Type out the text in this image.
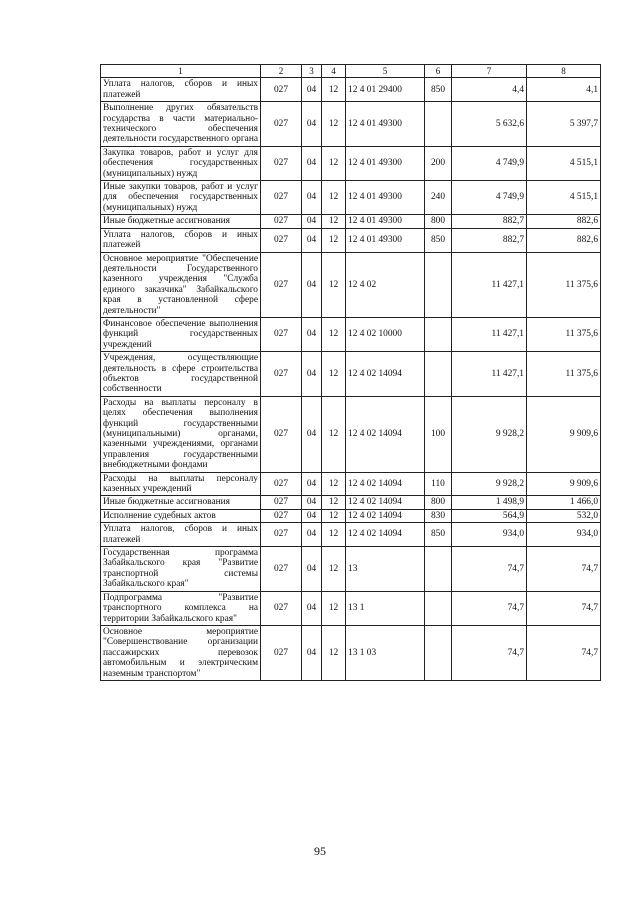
1	2	3	4	5	6	7	8
Уплата налогов, сборов и иных платежей	027	04	12	12 4 01 29400	850	4,4	4,1
Выполнение других обязательств государства в части материально-технического обеспечения деятельности государственного органа	027	04	12	12 4 01 49300		5 632,6	5 397,7
Закупка товаров, работ и услуг для обеспечения государственных (муниципальных) нужд	027	04	12	12 4 01 49300	200	4 749,9	4 515,1
Иные закупки товаров, работ и услуг для обеспечения государственных (муниципальных) нужд	027	04	12	12 4 01 49300	240	4 749,9	4 515,1
Иные бюджетные ассигнования	027	04	12	12 4 01 49300	800	882,7	882,6
Уплата налогов, сборов и иных платежей	027	04	12	12 4 01 49300	850	882,7	882,6
Основное мероприятие "Обеспечение деятельности Государственного казенного учреждения "Служба единого заказчика" Забайкальского края в установленной сфере деятельности"	027	04	12	12 4 02		11 427,1	11 375,6
Финансовое обеспечение выполнения функций государственных учреждений	027	04	12	12 4 02 10000		11 427,1	11 375,6
Учреждения, осуществляющие деятельность в сфере строительства объектов государственной собственности	027	04	12	12 4 02 14094		11 427,1	11 375,6
Расходы на выплаты персоналу в целях обеспечения выполнения функций государственными (муниципальными) органами, казенными учреждениями, органами управления государственными внебюджетными фондами	027	04	12	12 4 02 14094	100	9 928,2	9 909,6
Расходы на выплаты персоналу казенных учреждений	027	04	12	12 4 02 14094	110	9 928,2	9 909,6
Иные бюджетные ассигнования	027	04	12	12 4 02 14094	800	1 498,9	1 466,0
Исполнение судебных актов	027	04	12	12 4 02 14094	830	564,9	532,0
Уплата налогов, сборов и иных платежей	027	04	12	12 4 02 14094	850	934,0	934,0
Государственная программа Забайкальского края "Развитие транспортной системы Забайкальского края"	027	04	12	13		74,7	74,7
Подпрограмма "Развитие транспортного комплекса на территории Забайкальского края"	027	04	12	13 1		74,7	74,7
Основное мероприятие "Совершенствование организации пассажирских перевозок автомобильным и электрическим наземным транспортом"	027	04	12	13 1 03		74,7	74,7
95
